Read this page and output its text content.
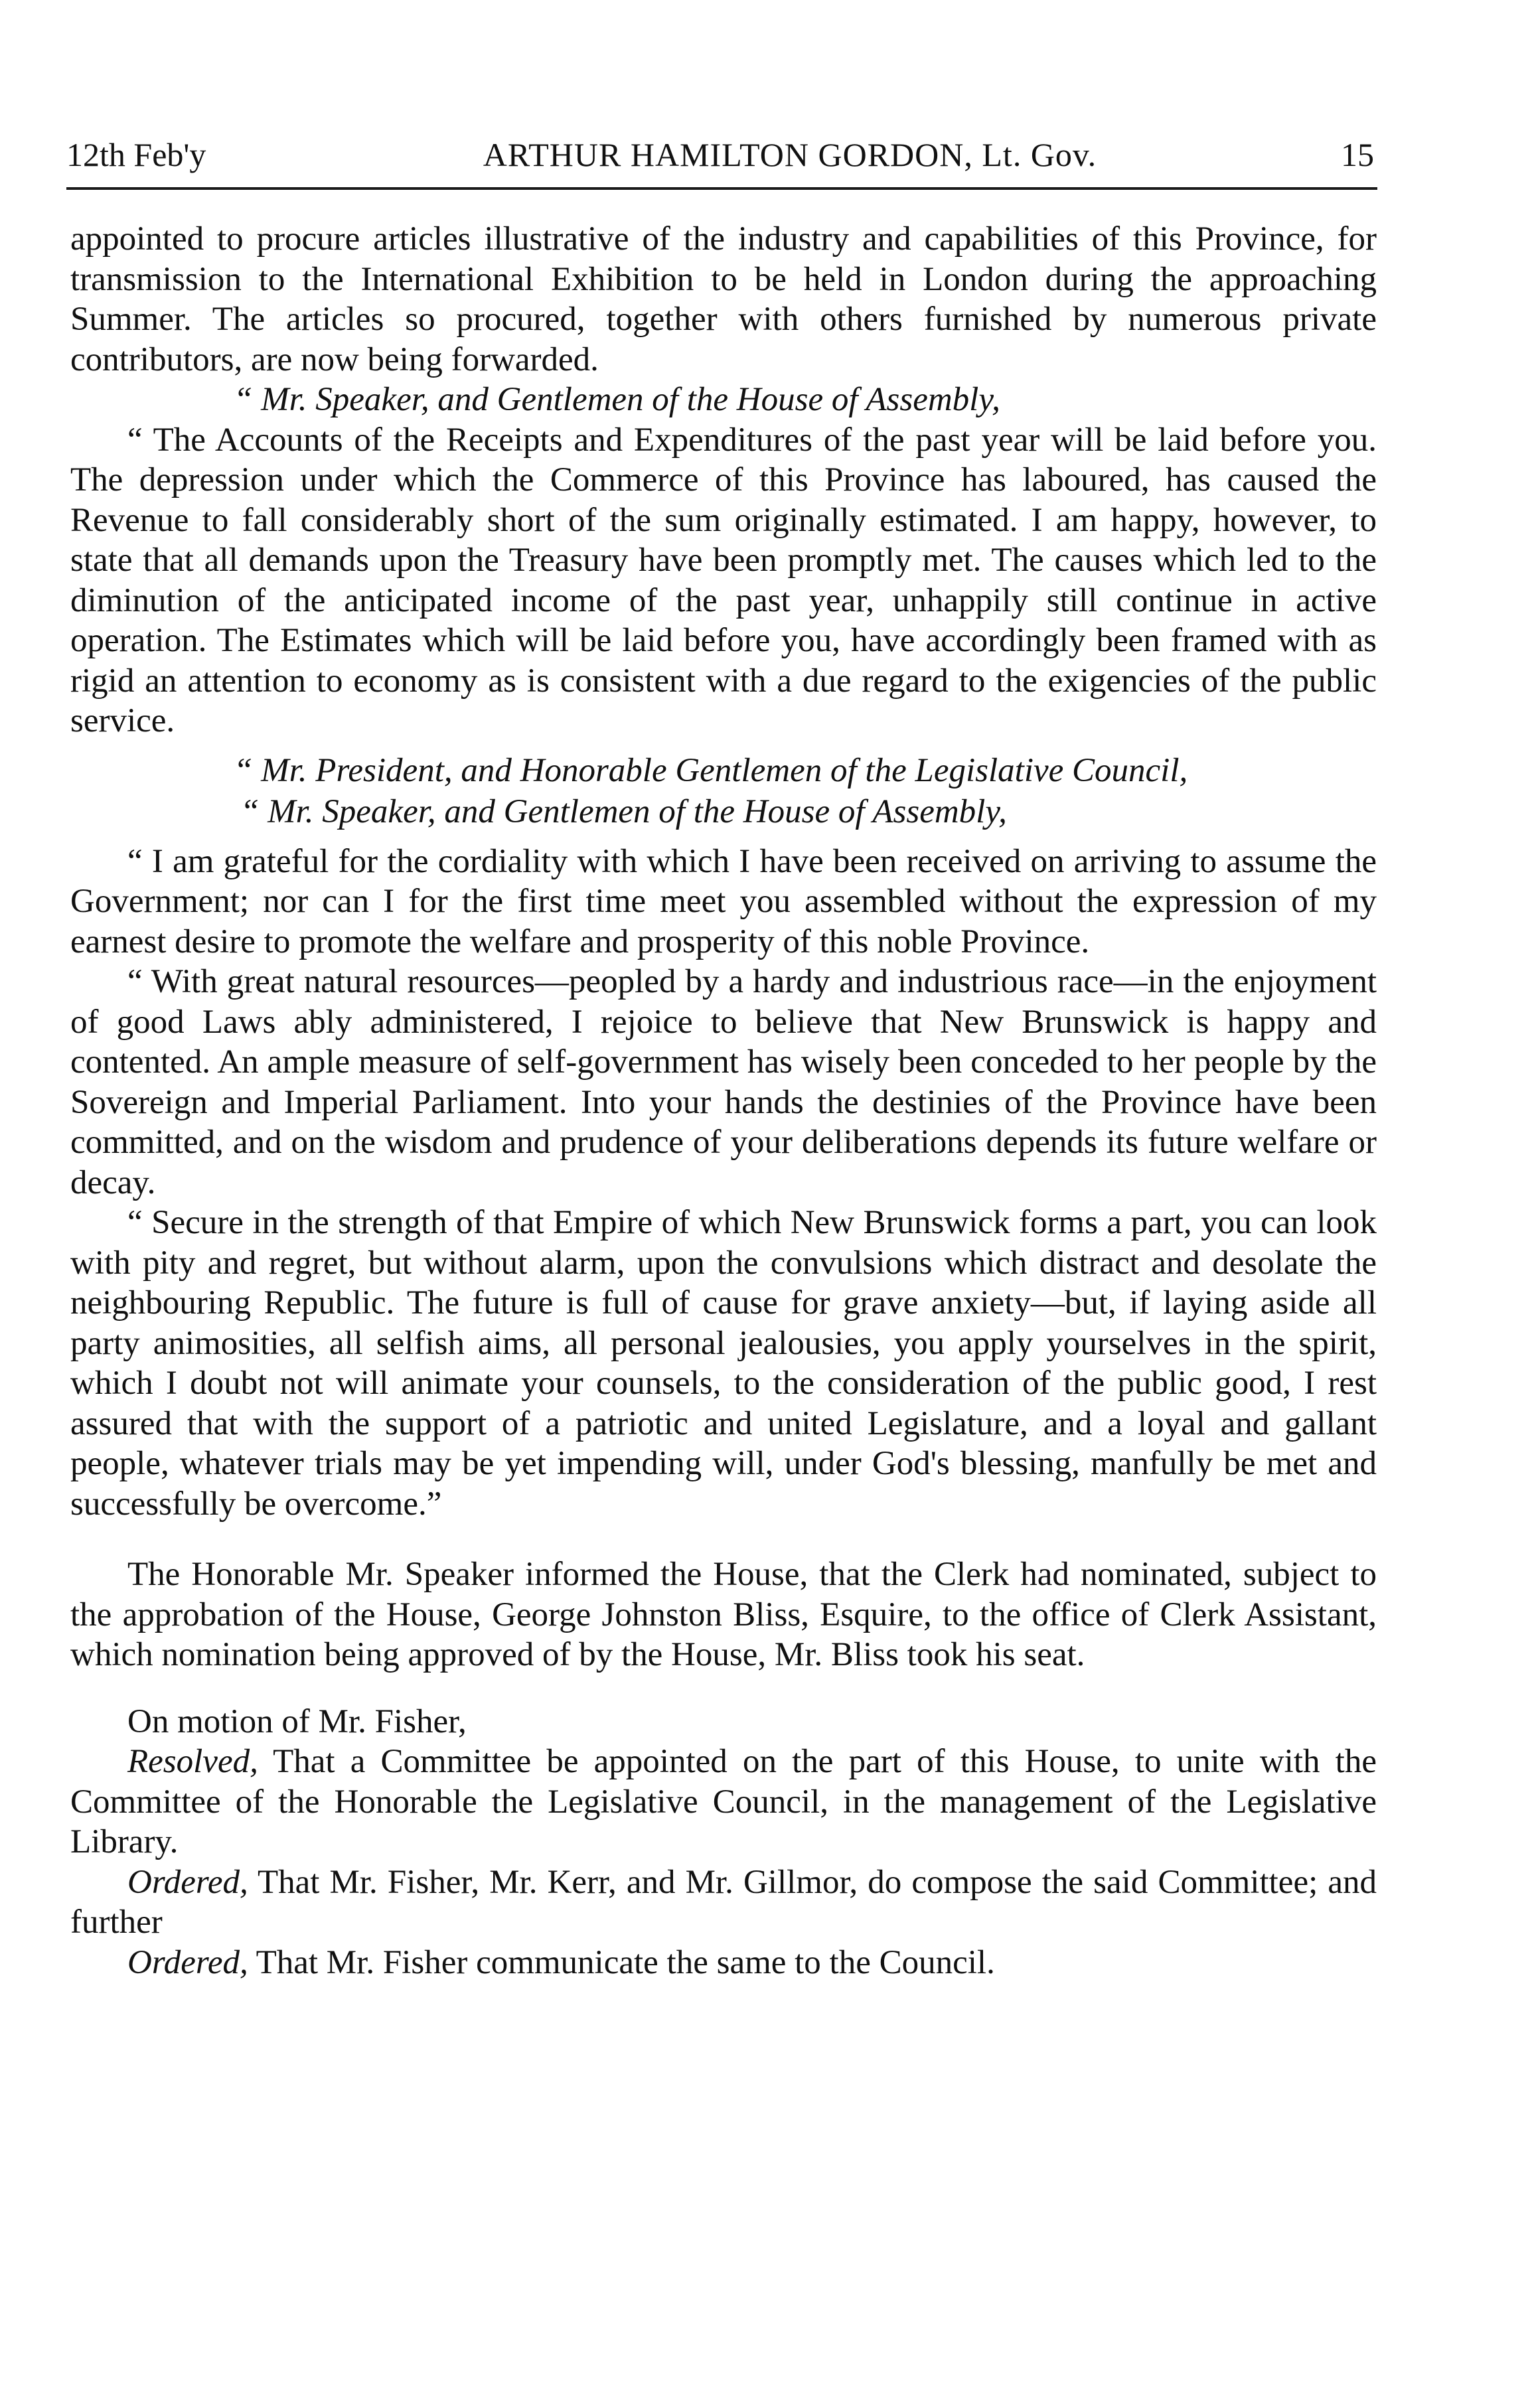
12th Feb'y	ARTHUR HAMILTON GORDON, Lt. Gov.	15

appointed to procure articles illustrative of the industry and capabilities of this Province, for transmission to the International Exhibition to be held in London during the approaching Summer. The articles so procured, together with others furnished by numerous private contributors, are now being forwarded.

“ Mr. Speaker, and Gentlemen of the House of Assembly,

“ The Accounts of the Receipts and Expenditures of the past year will be laid before you. The depression under which the Commerce of this Province has laboured, has caused the Revenue to fall considerably short of the sum originally estimated. I am happy, however, to state that all demands upon the Treasury have been promptly met. The causes which led to the diminution of the anticipated income of the past year, unhappily still continue in active operation. The Estimates which will be laid before you, have accordingly been framed with as rigid an attention to economy as is consistent with a due regard to the exigencies of the public service.

“ Mr. President, and Honorable Gentlemen of the Legislative Council,

“ Mr. Speaker, and Gentlemen of the House of Assembly,

“ I am grateful for the cordiality with which I have been received on arriving to assume the Government; nor can I for the first time meet you assembled without the expression of my earnest desire to promote the welfare and prosperity of this noble Province.

“ With great natural resources—peopled by a hardy and industrious race—in the enjoyment of good Laws ably administered, I rejoice to believe that New Brunswick is happy and contented. An ample measure of self-government has wisely been conceded to her people by the Sovereign and Imperial Parliament. Into your hands the destinies of the Province have been committed, and on the wisdom and prudence of your deliberations depends its future welfare or decay.

“ Secure in the strength of that Empire of which New Brunswick forms a part, you can look with pity and regret, but without alarm, upon the convulsions which distract and desolate the neighbouring Republic. The future is full of cause for grave anxiety—but, if laying aside all party animosities, all selfish aims, all personal jealousies, you apply yourselves in the spirit, which I doubt not will animate your counsels, to the consideration of the public good, I rest assured that with the support of a patriotic and united Legislature, and a loyal and gallant people, whatever trials may be yet impending will, under God's blessing, manfully be met and successfully be overcome.”

The Honorable Mr. Speaker informed the House, that the Clerk had nominated, subject to the approbation of the House, George Johnston Bliss, Esquire, to the office of Clerk Assistant, which nomination being approved of by the House, Mr. Bliss took his seat.

On motion of Mr. Fisher,

Resolved, That a Committee be appointed on the part of this House, to unite with the Committee of the Honorable the Legislative Council, in the management of the Legislative Library.

Ordered, That Mr. Fisher, Mr. Kerr, and Mr. Gillmor, do compose the said Committee; and further

Ordered, That Mr. Fisher communicate the same to the Council.
